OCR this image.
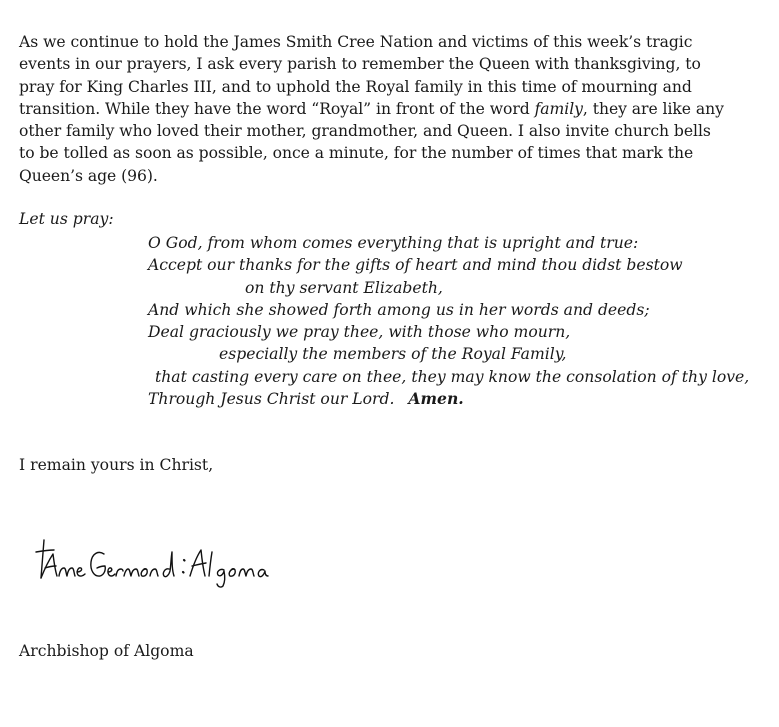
As we continue to hold the James Smith Cree Nation and victims of this week’s tragic
events in our prayers, I ask every parish to remember the Queen with thanksgiving, to
pray for King Charles III, and to uphold the Royal family in this time of mourning and
transition. While they have the word “Royal” in front of the word family, they are like any
other family who loved their mother, grandmother, and Queen. I also invite church bells
to be tolled as soon as possible, once a minute, for the number of times that mark the
Queen’s age (96).

Let us pray:

O God, from whom comes everything that is upright and true:
Accept our thanks for the gifts of heart and mind thou didst bestow
on thy servant Elizabeth,
And which she showed forth among us in her words and deeds;
Deal graciously we pray thee, with those who mourn,
especially the members of the Royal Family,
that casting every care on thee, they may know the consolation of thy love,
Through Jesus Christ our Lord. Amen.

I remain yours in Christ,

Archbishop of Algoma
